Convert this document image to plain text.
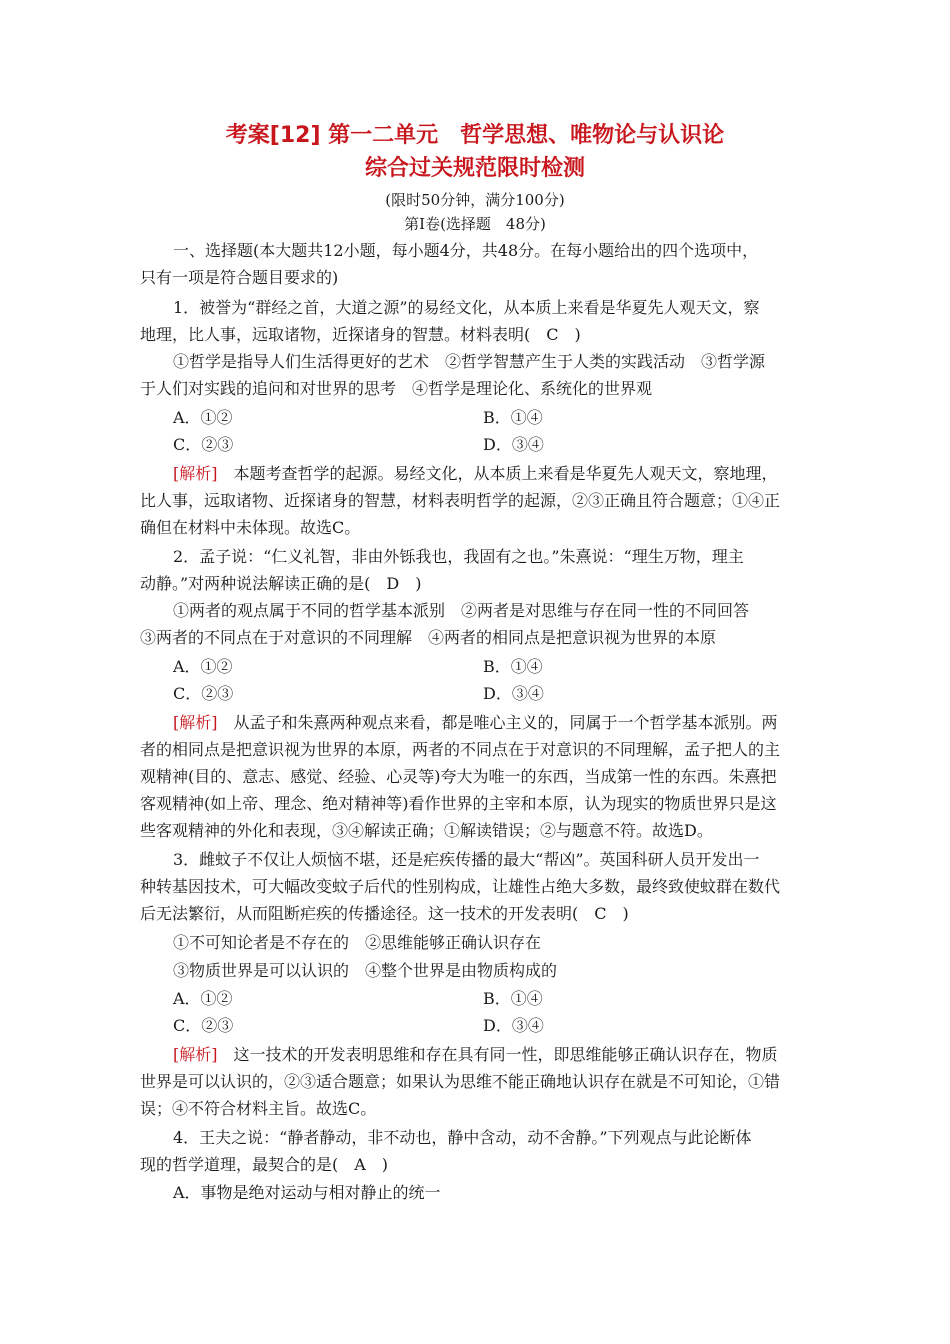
考案[12] 第一二单元　哲学思想、唯物论与认识论
综合过关规范限时检测
(限时50分钟，满分100分)
第Ⅰ卷(选择题　48分)
一、选择题(本大题共12小题，每小题4分，共48分。在每小题给出的四个选项中，
只有一项是符合题目要求的)
1．被誉为“群经之首，大道之源”的易经文化，从本质上来看是华夏先人观天文，察
地理，比人事，远取诸物，近探诸身的智慧。材料表明(　C　)
①哲学是指导人们生活得更好的艺术　②哲学智慧产生于人类的实践活动　③哲学源
于人们对实践的追问和对世界的思考　④哲学是理论化、系统化的世界观
A．①②	B．①④
C．②③	D．③④
[解析]　 本题考查哲学的起源。易经文化，从本质上来看是华夏先人观天文，察地理，
比人事，远取诸物、近探诸身的智慧，材料表明哲学的起源，②③正确且符合题意；①④正
确但在材料中未体现。故选C。
2．孟子说：“仁义礼智，非由外铄我也，我固有之也。”朱熹说：“理生万物，理主
动静。”对两种说法解读正确的是(　D　)
①两者的观点属于不同的哲学基本派别　②两者是对思维与存在同一性的不同回答
③两者的不同点在于对意识的不同理解　④两者的相同点是把意识视为世界的本原
A．①②	B．①④
C．②③	D．③④
[解析]　 从孟子和朱熹两种观点来看，都是唯心主义的，同属于一个哲学基本派别。两
者的相同点是把意识视为世界的本原，两者的不同点在于对意识的不同理解，孟子把人的主
观精神(目的、意志、感觉、经验、心灵等)夸大为唯一的东西，当成第一性的东西。朱熹把
客观精神(如上帝、理念、绝对精神等)看作世界的主宰和本原，认为现实的物质世界只是这
些客观精神的外化和表现，③④解读正确；①解读错误；②与题意不符。故选D。
3．雌蚊子不仅让人烦恼不堪，还是疟疾传播的最大“帮凶”。英国科研人员开发出一
种转基因技术，可大幅改变蚊子后代的性别构成，让雄性占绝大多数，最终致使蚊群在数代
后无法繁衍，从而阻断疟疾的传播途径。这一技术的开发表明(　C　)
①不可知论者是不存在的　②思维能够正确认识存在
③物质世界是可以认识的　④整个世界是由物质构成的
A．①②	B．①④
C．②③	D．③④
[解析]　 这一技术的开发表明思维和存在具有同一性，即思维能够正确认识存在，物质
世界是可以认识的，②③适合题意；如果认为思维不能正确地认识存在就是不可知论，①错
误；④不符合材料主旨。故选C。
4．王夫之说：“静者静动，非不动也，静中含动，动不舍静。”下列观点与此论断体
现的哲学道理，最契合的是(　A　)
A．事物是绝对运动与相对静止的统一
